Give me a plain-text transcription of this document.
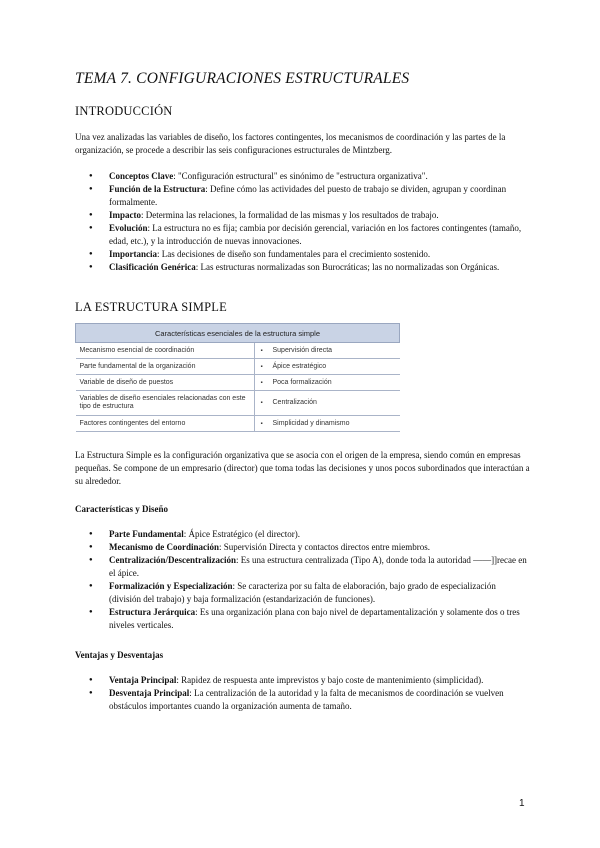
TEMA 7. CONFIGURACIONES ESTRUCTURALES
INTRODUCCIÓN

Una vez analizadas las variables de diseño, los factores contingentes, los mecanismos de coordinación y las partes de la organización, se procede a describir las seis configuraciones estructurales de Mintzberg.

● Conceptos Clave: "Configuración estructural" es sinónimo de "estructura organizativa".
● Función de la Estructura: Define cómo las actividades del puesto de trabajo se dividen, agrupan y coordinan formalmente.
● Impacto: Determina las relaciones, la formalidad de las mismas y los resultados de trabajo.
● Evolución: La estructura no es fija; cambia por decisión gerencial, variación en los factores contingentes (tamaño, edad, etc.), y la introducción de nuevas innovaciones.
● Importancia: Las decisiones de diseño son fundamentales para el crecimiento sostenido.
● Clasificación Genérica: Las estructuras normalizadas son Burocráticas; las no normalizadas son Orgánicas.
LA ESTRUCTURA SIMPLE
Características esenciales de la estructura simple	
Mecanismo esencial de coordinación	▪ Supervisión directa
Parte fundamental de la organización	▪ Ápice estratégico
Variable de diseño de puestos	▪ Poca formalización
Variables de diseño esenciales relacionadas con este tipo de estructura	▪ Centralización
Factores contingentes del entorno	▪ Simplicidad y dinamismo

La Estructura Simple es la configuración organizativa que se asocia con el origen de la empresa, siendo común en empresas pequeñas. Se compone de un empresario (director) que toma todas las decisiones y unos pocos subordinados que interactúan a su alrededor.

Características y Diseño
● Parte Fundamental: Ápice Estratégico (el director).
● Mecanismo de Coordinación: Supervisión Directa y contactos directos entre miembros.
● Centralización/Descentralización: Es una estructura centralizada (Tipo A), donde toda la autoridad ——]]recae en el ápice.
● Formalización y Especialización: Se caracteriza por su falta de elaboración, bajo grado de especialización (división del trabajo) y baja formalización (estandarización de funciones).
● Estructura Jerárquica: Es una organización plana con bajo nivel de departamentalización y solamente dos o tres niveles verticales.
Ventajas y Desventajas
● Ventaja Principal: Rapidez de respuesta ante imprevistos y bajo coste de mantenimiento (simplicidad).
● Desventaja Principal: La centralización de la autoridad y la falta de mecanismos de coordinación se vuelven obstáculos importantes cuando la organización aumenta de tamaño.
1
